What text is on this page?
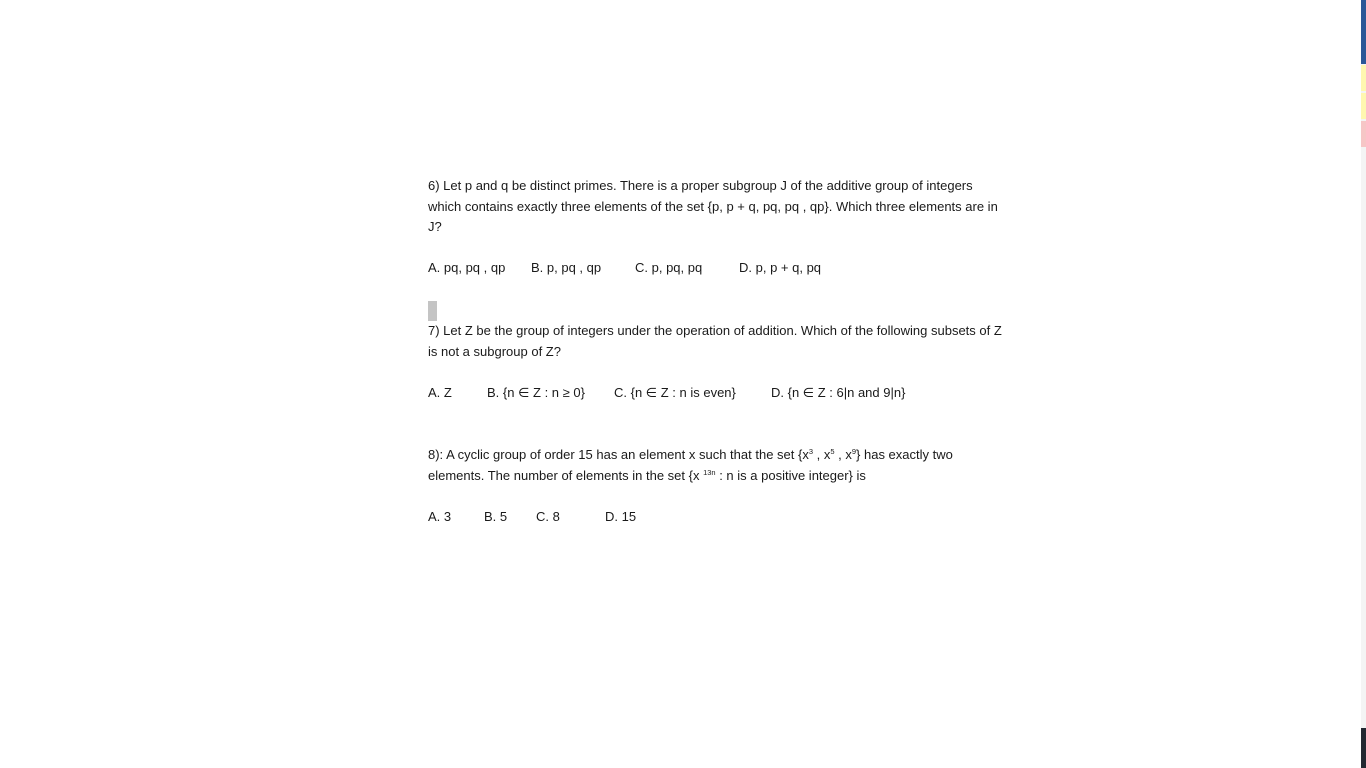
6) Let p and q be distinct primes. There is a proper subgroup J of the additive group of integers which contains exactly three elements of the set {p, p + q, pq, pq , qp}. Which three elements are in J?

A. pq, pq , qp B. p, pq , qp	C. p, pq, pq	D. p, p + q, pq

7) Let Z be the group of integers under the operation of addition. Which of the following subsets of Z is not a subgroup of Z?

A. Z	B. {n ∈ Z : n ≥ 0} C. {n ∈ Z : n is even}	D. {n ∈ Z : 6|n and 9|n}

8): A cyclic group of order 15 has an element x such that the set {$x^3$ , $x^5$ , $x^9$} has exactly two elements. The number of elements in the set {x $^{13n}$ : n is a positive integer} is

A. 3	B. 5 C. 8	D. 15
